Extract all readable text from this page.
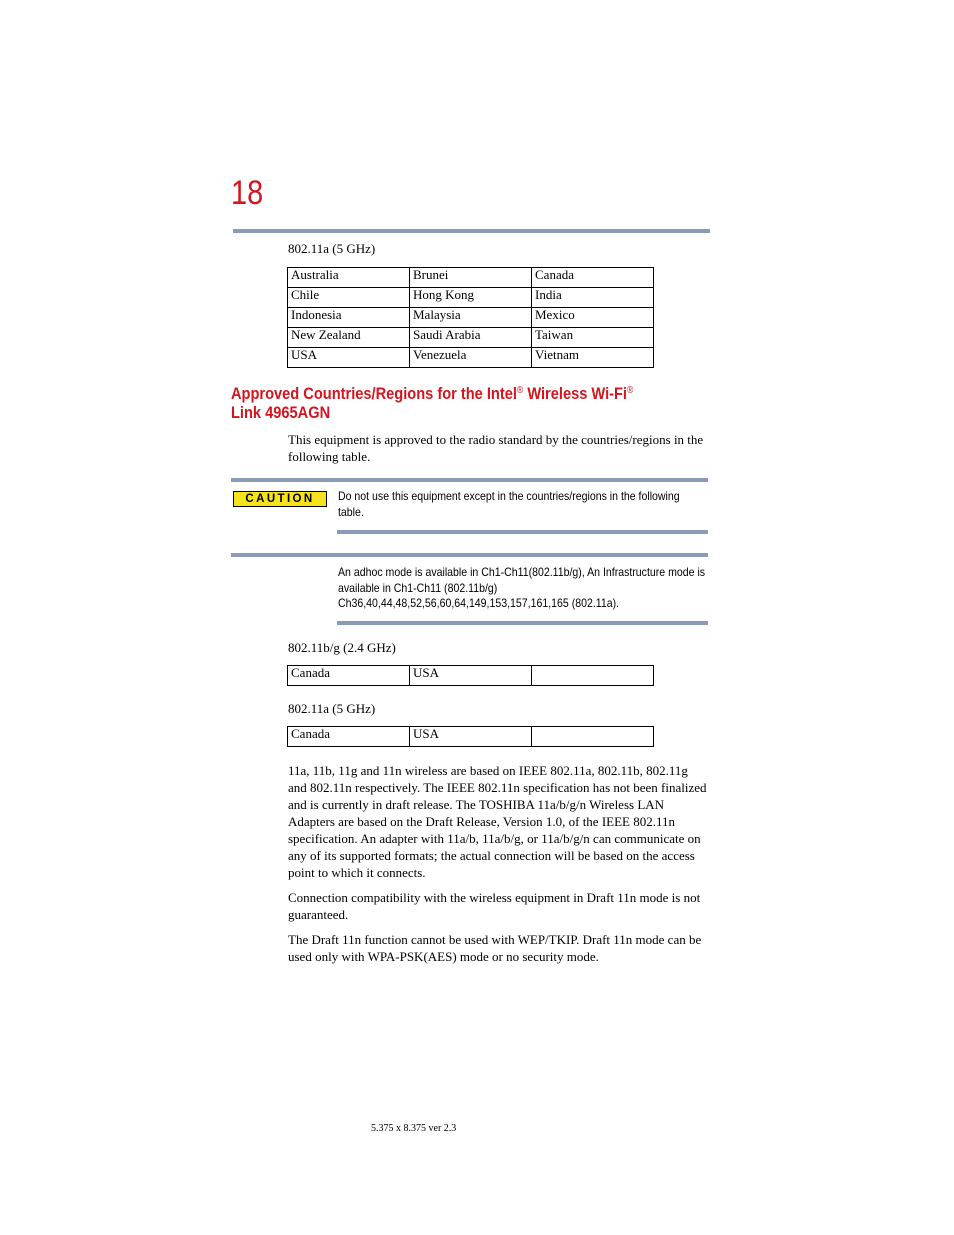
18
802.11a (5 GHz)
Australia	Brunei	Canada
Chile	Hong Kong	India
Indonesia	Malaysia	Mexico
New Zealand	Saudi Arabia	Taiwan
USA	Venezuela	Vietnam
Approved Countries/Regions for the Intel® Wireless Wi-Fi®
Link 4965AGN
This equipment is approved to the radio standard by the countries/regions in the following table.
CAUTION	Do not use this equipment except in the countries/regions in the following table.
An adhoc mode is available in Ch1-Ch11(802.11b/g), An Infrastructure mode is available in Ch1-Ch11 (802.11b/g) Ch36,40,44,48,52,56,60,64,149,153,157,161,165 (802.11a).
802.11b/g (2.4 GHz)
Canada	USA	
802.11a (5 GHz)
Canada	USA	
11a, 11b, 11g and 11n wireless are based on IEEE 802.11a, 802.11b, 802.11g and 802.11n respectively. The IEEE 802.11n specification has not been finalized and is currently in draft release. The TOSHIBA 11a/b/g/n Wireless LAN Adapters are based on the Draft Release, Version 1.0, of the IEEE 802.11n specification. An adapter with 11a/b, 11a/b/g, or 11a/b/g/n can communicate on any of its supported formats; the actual connection will be based on the access point to which it connects.
Connection compatibility with the wireless equipment in Draft 11n mode is not guaranteed.
The Draft 11n function cannot be used with WEP/TKIP. Draft 11n mode can be used only with WPA-PSK(AES) mode or no security mode.
5.375 x 8.375 ver 2.3
